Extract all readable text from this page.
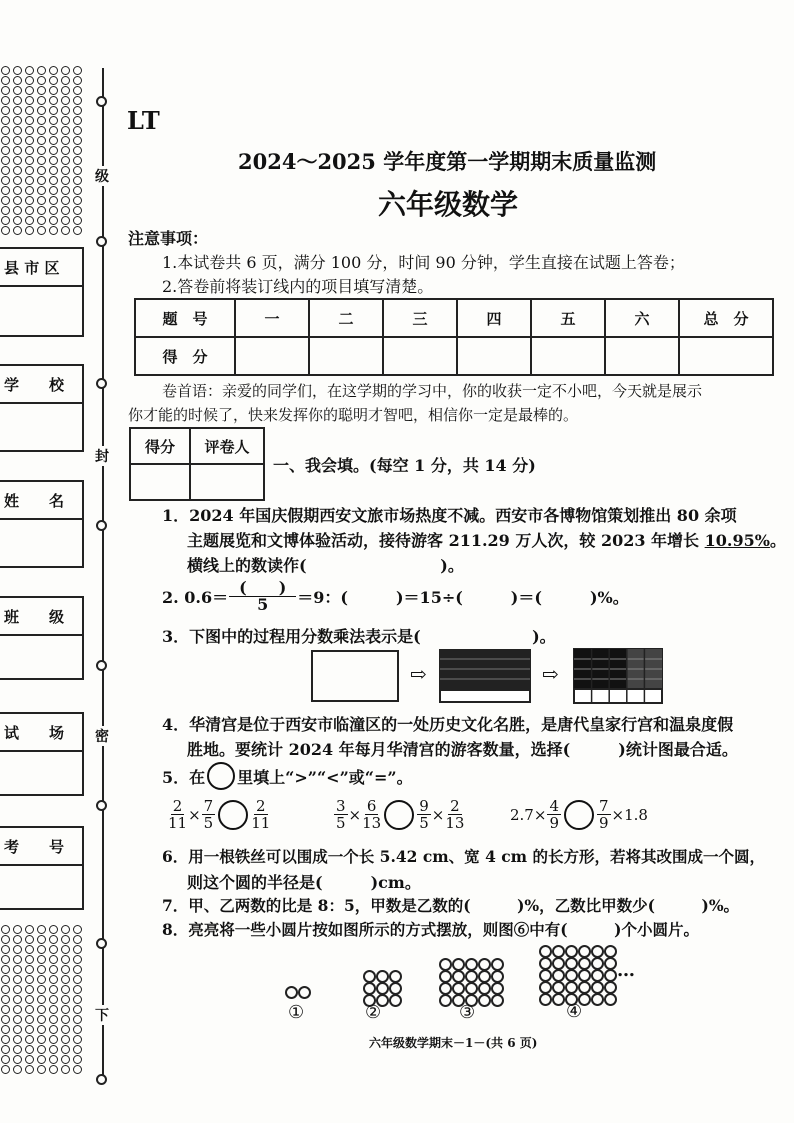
级
封
密
下
县 市 区
学　　校
姓　　名
班　　级
试　　场
考　　号
LT
2024～2025 学年度第一学期期末质量监测
六年级数学
注意事项：
1.本试卷共 6 页，满分 100 分，时间 90 分钟，学生直接在试题上答卷；
2.答卷前将装订线内的项目填写清楚。
题　号	一	二	三	四	五	六	总　分
得　分							
卷首语：亲爱的同学们，在这学期的学习中，你的收获一定不小吧，今天就是展示
你才能的时候了，快来发挥你的聪明才智吧，相信你一定是最棒的。
得分	评卷人

一、我会填。(每空 1 分，共 14 分)
1．2024 年国庆假期西安文旅市场热度不减。西安市各博物馆策划推出 80 余项
主题展览和文博体验活动，接待游客 211.29 万人次，较 2023 年增长 10.95%。
横线上的数读作(                        )。
2. $0.6= \frac{( )}{5} =9$：(　　　)＝15÷(　　　)＝(　　　)%。
3．下图中的过程用分数乘法表示是(                    )。
⇨	⇨
4．华清宫是位于西安市临潼区的一处历史文化名胜，是唐代皇家行宫和温泉度假
胜地。要统计 2024 年每月华清宫的游客数量，选择(　　　)统计图最合适。
5．在 里填上“>”“<”或“=”。
$\frac{2}{11} \times \frac{7}{5} \frac{2}{11}$	$\frac{3}{5} \times \frac{6}{13} \frac{9}{5} \times \frac{2}{13}$	$2.7\times \frac{4}{9} \frac{7}{9} \times 1.8$
6．用一根铁丝可以围成一个长 5.42 cm、宽 4 cm 的长方形，若将其改围成一个圆，
则这个圆的半径是(　　　)cm。
7．甲、乙两数的比是 8：5，甲数是乙数的(　　　)%，乙数比甲数少(　　　)%。
8．亮亮将一些小圆片按如图所示的方式摆放，则图⑥中有(　　　)个小圆片。
①	②	③	④
…
六年级数学期末－1－(共 6 页)
